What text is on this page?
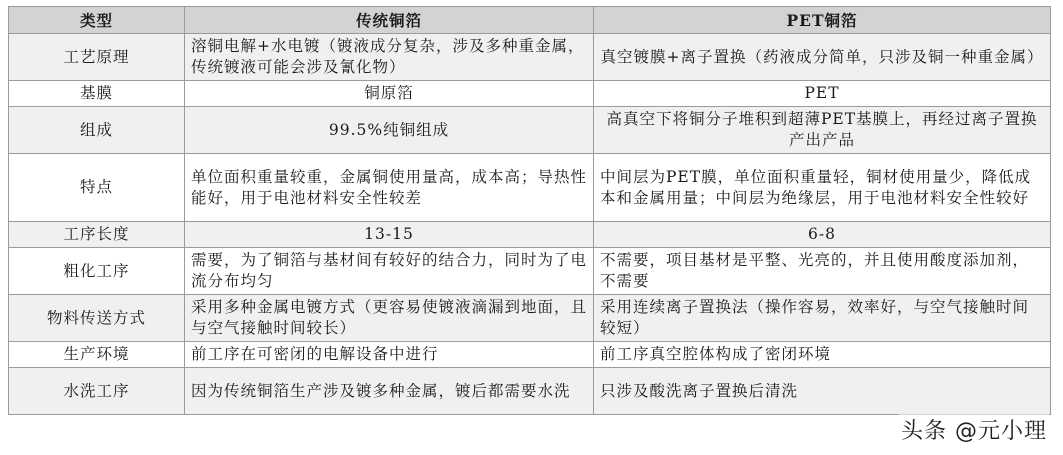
类型	传统铜箔	PET铜箔
工艺原理	溶铜电解+水电镀（镀液成分复杂，涉及多种重金属，传统镀液可能会涉及氰化物）	真空镀膜+离子置换（药液成分简单，只涉及铜一种重金属）
基膜	铜原箔	PET
组成	99.5%纯铜组成	高真空下将铜分子堆积到超薄PET基膜上，再经过离子置换产出产品
特点	单位面积重量较重，金属铜使用量高，成本高；导热性能好，用于电池材料安全性较差	中间层为PET膜，单位面积重量轻，铜材使用量少，降低成本和金属用量；中间层为绝缘层，用于电池材料安全性较好
工序长度	13-15	6-8
粗化工序	需要，为了铜箔与基材间有较好的结合力，同时为了电流分布均匀	不需要，项目基材是平整、光亮的，并且使用酸度添加剂，不需要
物料传送方式	采用多种金属电镀方式（更容易使镀液滴漏到地面，且与空气接触时间较长）	采用连续离子置换法（操作容易，效率好，与空气接触时间较短）
生产环境	前工序在可密闭的电解设备中进行	前工序真空腔体构成了密闭环境
水洗工序	因为传统铜箔生产涉及镀多种金属，镀后都需要水洗	只涉及酸洗离子置换后清洗
头条 @元小理
